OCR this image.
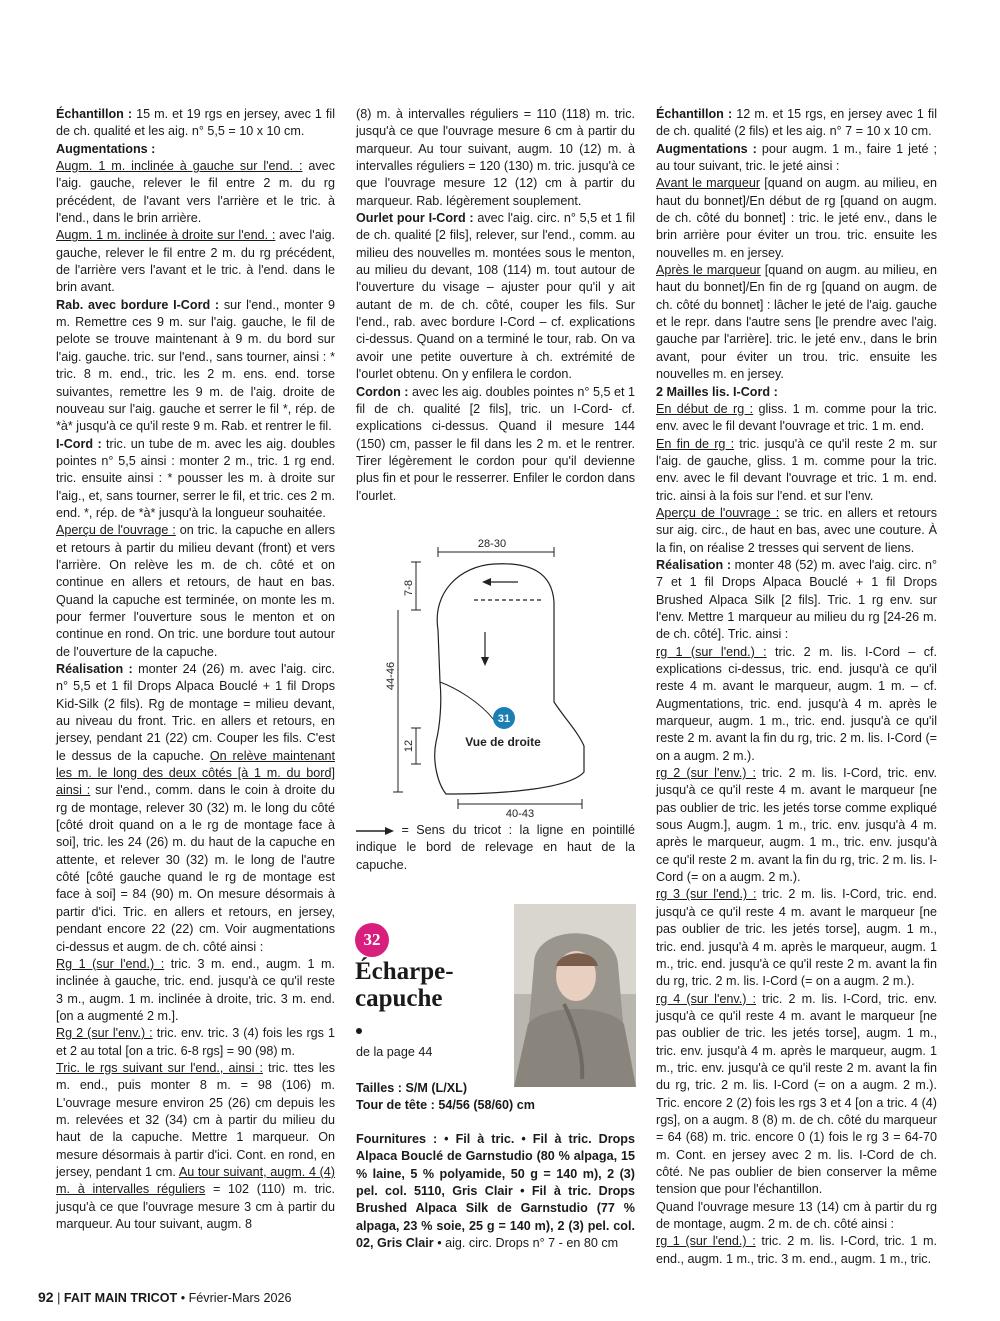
Échantillon : 15 m. et 19 rgs en jersey, avec 1 fil de ch. qualité et les aig. n° 5,5 = 10 x 10 cm.

Augmentations :

Augm. 1 m. inclinée à gauche sur l'end. : avec l'aig. gauche, relever le fil entre 2 m. du rg précédent, de l'avant vers l'arrière et le tric. à l'end., dans le brin arrière.

Augm. 1 m. inclinée à droite sur l'end. : avec l'aig. gauche, relever le fil entre 2 m. du rg précédent, de l'arrière vers l'avant et le tric. à l'end. dans le brin avant.

Rab. avec bordure I-Cord : sur l'end., monter 9 m. Remettre ces 9 m. sur l'aig. gauche, le fil de pelote se trouve maintenant à 9 m. du bord sur l'aig. gauche. tric. sur l'end., sans tourner, ainsi : * tric. 8 m. end., tric. les 2 m. ens. end. torse suivantes, remettre les 9 m. de l'aig. droite de nouveau sur l'aig. gauche et serrer le fil *, rép. de *à* jusqu'à ce qu'il reste 9 m. Rab. et rentrer le fil.

I-Cord : tric. un tube de m. avec les aig. doubles pointes n° 5,5 ainsi : monter 2 m., tric. 1 rg end. tric. ensuite ainsi : * pousser les m. à droite sur l'aig., et, sans tourner, serrer le fil, et tric. ces 2 m. end. *, rép. de *à* jusqu'à la longueur souhaitée.

Aperçu de l'ouvrage : on tric. la capuche en allers et retours à partir du milieu devant (front) et vers l'arrière. On relève les m. de ch. côté et on continue en allers et retours, de haut en bas. Quand la capuche est terminée, on monte les m. pour fermer l'ouverture sous le menton et on continue en rond. On tric. une bordure tout autour de l'ouverture de la capuche.

Réalisation : monter 24 (26) m. avec l'aig. circ. n° 5,5 et 1 fil Drops Alpaca Bouclé + 1 fil Drops Kid-Silk (2 fils). Rg de montage = milieu devant, au niveau du front. Tric. en allers et retours, en jersey, pendant 21 (22) cm. Couper les fils. C'est le dessus de la capuche. On relève maintenant les m. le long des deux côtés [à 1 m. du bord] ainsi : sur l'end., comm. dans le coin à droite du rg de montage, relever 30 (32) m. le long du côté [côté droit quand on a le rg de montage face à soi], tric. les 24 (26) m. du haut de la capuche en attente, et relever 30 (32) m. le long de l'autre côté [côté gauche quand le rg de montage est face à soi] = 84 (90) m. On mesure désormais à partir d'ici. Tric. en allers et retours, en jersey, pendant encore 22 (22) cm. Voir augmentations ci-dessus et augm. de ch. côté ainsi :

Rg 1 (sur l'end.) : tric. 3 m. end., augm. 1 m. inclinée à gauche, tric. end. jusqu'à ce qu'il reste 3 m., augm. 1 m. inclinée à droite, tric. 3 m. end. [on a augmenté 2 m.].

Rg 2 (sur l'env.) : tric. env. tric. 3 (4) fois les rgs 1 et 2 au total [on a tric. 6-8 rgs] = 90 (98) m.

Tric. le rgs suivant sur l'end., ainsi : tric. ttes les m. end., puis monter 8 m. = 98 (106) m. L'ouvrage mesure environ 25 (26) cm depuis les m. relevées et 32 (34) cm à partir du milieu du haut de la capuche. Mettre 1 marqueur. On mesure désormais à partir d'ici. Cont. en rond, en jersey, pendant 1 cm. Au tour suivant, augm. 4 (4) m. à intervalles réguliers = 102 (110) m. tric. jusqu'à ce que l'ouvrage mesure 3 cm à partir du marqueur. Au tour suivant, augm. 8

(8) m. à intervalles réguliers = 110 (118) m. tric. jusqu'à ce que l'ouvrage mesure 6 cm à partir du marqueur. Au tour suivant, augm. 10 (12) m. à intervalles réguliers = 120 (130) m. tric. jusqu'à ce que l'ouvrage mesure 12 (12) cm à partir du marqueur. Rab. légèrement souplement.

Ourlet pour I-Cord : avec l'aig. circ. n° 5,5 et 1 fil de ch. qualité [2 fils], relever, sur l'end., comm. au milieu des nouvelles m. montées sous le menton, au milieu du devant, 108 (114) m. tout autour de l'ouverture du visage – ajuster pour qu'il y ait autant de m. de ch. côté, couper les fils. Sur l'end., rab. avec bordure I-Cord – cf. explications ci-dessus. Quand on a terminé le tour, rab. On va avoir une petite ouverture à ch. extrémité de l'ourlet obtenu. On y enfilera le cordon.

Cordon : avec les aig. doubles pointes n° 5,5 et 1 fil de ch. qualité [2 fils], tric. un I-Cord- cf. explications ci-dessus. Quand il mesure 144 (150) cm, passer le fil dans les 2 m. et le rentrer. Tirer légèrement le cordon pour qu'il devienne plus fin et pour le resserrer. Enfiler le cordon dans l'ourlet.

28-30
7-8
44-46
12
31
Vue de droite
40-43
= Sens du tricot : la ligne en pointillé indique le bord de relevage en haut de la capuche.
32
Écharpe-
capuche
de la page 44
Tailles : S/M (L/XL)
Tour de tête : 54/56 (58/60) cm
Fournitures : • Fil à tric. • Fil à tric. Drops Alpaca Bouclé de Garnstudio (80 % alpaga, 15 % laine, 5 % polyamide, 50 g = 140 m), 2 (3) pel. col. 5110, Gris Clair • Fil à tric. Drops Brushed Alpaca Silk de Garnstudio (77 % alpaga, 23 % soie, 25 g = 140 m), 2 (3) pel. col. 02, Gris Clair • aig. circ. Drops n° 7 - en 80 cm

Échantillon : 12 m. et 15 rgs, en jersey avec 1 fil de ch. qualité (2 fils) et les aig. n° 7 = 10 x 10 cm.

Augmentations : pour augm. 1 m., faire 1 jeté ; au tour suivant, tric. le jeté ainsi :

Avant le marqueur [quand on augm. au milieu, en haut du bonnet]/En début de rg [quand on augm. de ch. côté du bonnet] : tric. le jeté env., dans le brin arrière pour éviter un trou. tric. ensuite les nouvelles m. en jersey.

Après le marqueur [quand on augm. au milieu, en haut du bonnet]/En fin de rg [quand on augm. de ch. côté du bonnet] : lâcher le jeté de l'aig. gauche et le repr. dans l'autre sens [le prendre avec l'aig. gauche par l'arrière]. tric. le jeté env., dans le brin avant, pour éviter un trou. tric. ensuite les nouvelles m. en jersey.

2 Mailles lis. I-Cord :

En début de rg : gliss. 1 m. comme pour la tric. env. avec le fil devant l'ouvrage et tric. 1 m. end.

En fin de rg : tric. jusqu'à ce qu'il reste 2 m. sur l'aig. de gauche, gliss. 1 m. comme pour la tric. env. avec le fil devant l'ouvrage et tric. 1 m. end. tric. ainsi à la fois sur l'end. et sur l'env.

Aperçu de l'ouvrage : se tric. en allers et retours sur aig. circ., de haut en bas, avec une couture. À la fin, on réalise 2 tresses qui servent de liens.

Réalisation : monter 48 (52) m. avec l'aig. circ. n° 7 et 1 fil Drops Alpaca Bouclé + 1 fil Drops Brushed Alpaca Silk [2 fils]. Tric. 1 rg env. sur l'env. Mettre 1 marqueur au milieu du rg [24-26 m. de ch. côté]. Tric. ainsi :

rg 1 (sur l'end.) : tric. 2 m. lis. I-Cord – cf. explications ci-dessus, tric. end. jusqu'à ce qu'il reste 4 m. avant le marqueur, augm. 1 m. – cf. Augmentations, tric. end. jusqu'à 4 m. après le marqueur, augm. 1 m., tric. end. jusqu'à ce qu'il reste 2 m. avant la fin du rg, tric. 2 m. lis. I-Cord (= on a augm. 2 m.).

rg 2 (sur l'env.) : tric. 2 m. lis. I-Cord, tric. env. jusqu'à ce qu'il reste 4 m. avant le marqueur [ne pas oublier de tric. les jetés torse comme expliqué sous Augm.], augm. 1 m., tric. env. jusqu'à 4 m. après le marqueur, augm. 1 m., tric. env. jusqu'à ce qu'il reste 2 m. avant la fin du rg, tric. 2 m. lis. I-Cord (= on a augm. 2 m.).

rg 3 (sur l'end.) : tric. 2 m. lis. I-Cord, tric. end. jusqu'à ce qu'il reste 4 m. avant le marqueur [ne pas oublier de tric. les jetés torse], augm. 1 m., tric. end. jusqu'à 4 m. après le marqueur, augm. 1 m., tric. end. jusqu'à ce qu'il reste 2 m. avant la fin du rg, tric. 2 m. lis. I-Cord (= on a augm. 2 m.).

rg 4 (sur l'env.) : tric. 2 m. lis. I-Cord, tric. env. jusqu'à ce qu'il reste 4 m. avant le marqueur [ne pas oublier de tric. les jetés torse], augm. 1 m., tric. env. jusqu'à 4 m. après le marqueur, augm. 1 m., tric. env. jusqu'à ce qu'il reste 2 m. avant la fin du rg, tric. 2 m. lis. I-Cord (= on a augm. 2 m.). Tric. encore 2 (2) fois les rgs 3 et 4 [on a tric. 4 (4) rgs], on a augm. 8 (8) m. de ch. côté du marqueur = 64 (68) m. tric. encore 0 (1) fois le rg 3 = 64-70 m. Cont. en jersey avec 2 m. lis. I-Cord de ch. côté. Ne pas oublier de bien conserver la même tension que pour l'échantillon.

Quand l'ouvrage mesure 13 (14) cm à partir du rg de montage, augm. 2 m. de ch. côté ainsi :

rg 1 (sur l'end.) : tric. 2 m. lis. I-Cord, tric. 1 m. end., augm. 1 m., tric. 3 m. end., augm. 1 m., tric.

92 | FAIT MAIN TRICOT • Février-Mars 2026
